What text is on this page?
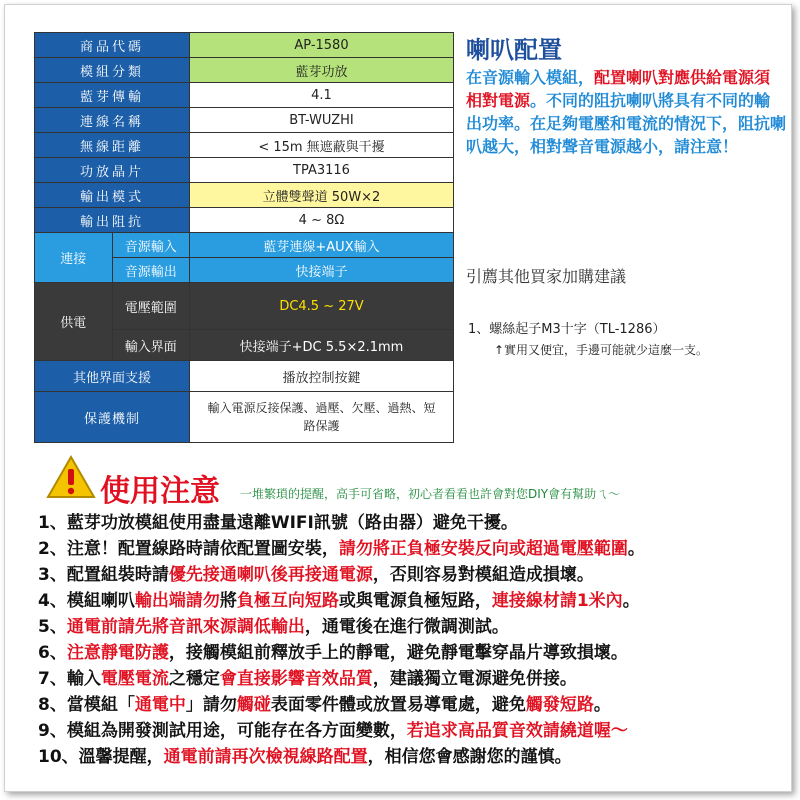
商品代碼		AP-1580
模組分類		藍芽功放
藍芽傳輸		4.1
連線名稱		BT-WUZHI
無線距離		< 15m 無遮蔽與干擾
功放晶片		TPA3116
輸出模式		立體雙聲道 50W×2
輸出阻抗		4 ~ 8Ω
連接	音源輸入	藍芽連線+AUX輸入
	音源輸出	快接端子
供電	電壓範圍	DC4.5 ~ 27V
	輸入界面	快接端子+DC 5.5×2.1mm
其他界面支援		播放控制按鍵
保護機制		輸入電源反接保護、過壓、欠壓、過熱、短路保護
喇叭配置
在音源輸入模組，配置喇叭對應供給電源須相對電源。不同的阻抗喇叭將具有不同的輸出功率。在足夠電壓和電流的情況下，阻抗喇叭越大，相對聲音電源越小，請注意！
引薦其他買家加購建議
1、螺絲起子M3十字（TL-1286）
↑實用又便宜，手邊可能就少這麼一支。
使用注意 一堆繁瑣的提醒，高手可省略，初心者看看也許會對您DIY會有幫助ㄟ～
1、藍芽功放模組使用盡量遠離WIFI訊號（路由器）避免干擾。
2、注意！配置線路時請依配置圖安裝，請勿將正負極安裝反向或超過電壓範圍。
3、配置組裝時請優先接通喇叭後再接通電源，否則容易對模組造成損壞。
4、模組喇叭輸出端請勿將負極互向短路或與電源負極短路，連接線材請1米內。
5、通電前請先將音訊來源調低輸出，通電後在進行微調測試。
6、注意靜電防護，接觸模組前釋放手上的靜電，避免靜電擊穿晶片導致損壞。
7、輸入電壓電流之穩定會直接影響音效品質，建議獨立電源避免併接。
8、當模組「通電中」請勿觸碰表面零件體或放置易導電處，避免觸發短路。
9、模組為開發測試用途，可能存在各方面變數，若追求高品質音效請繞道喔～
10、溫馨提醒，通電前請再次檢視線路配置，相信您會感謝您的謹慎。
